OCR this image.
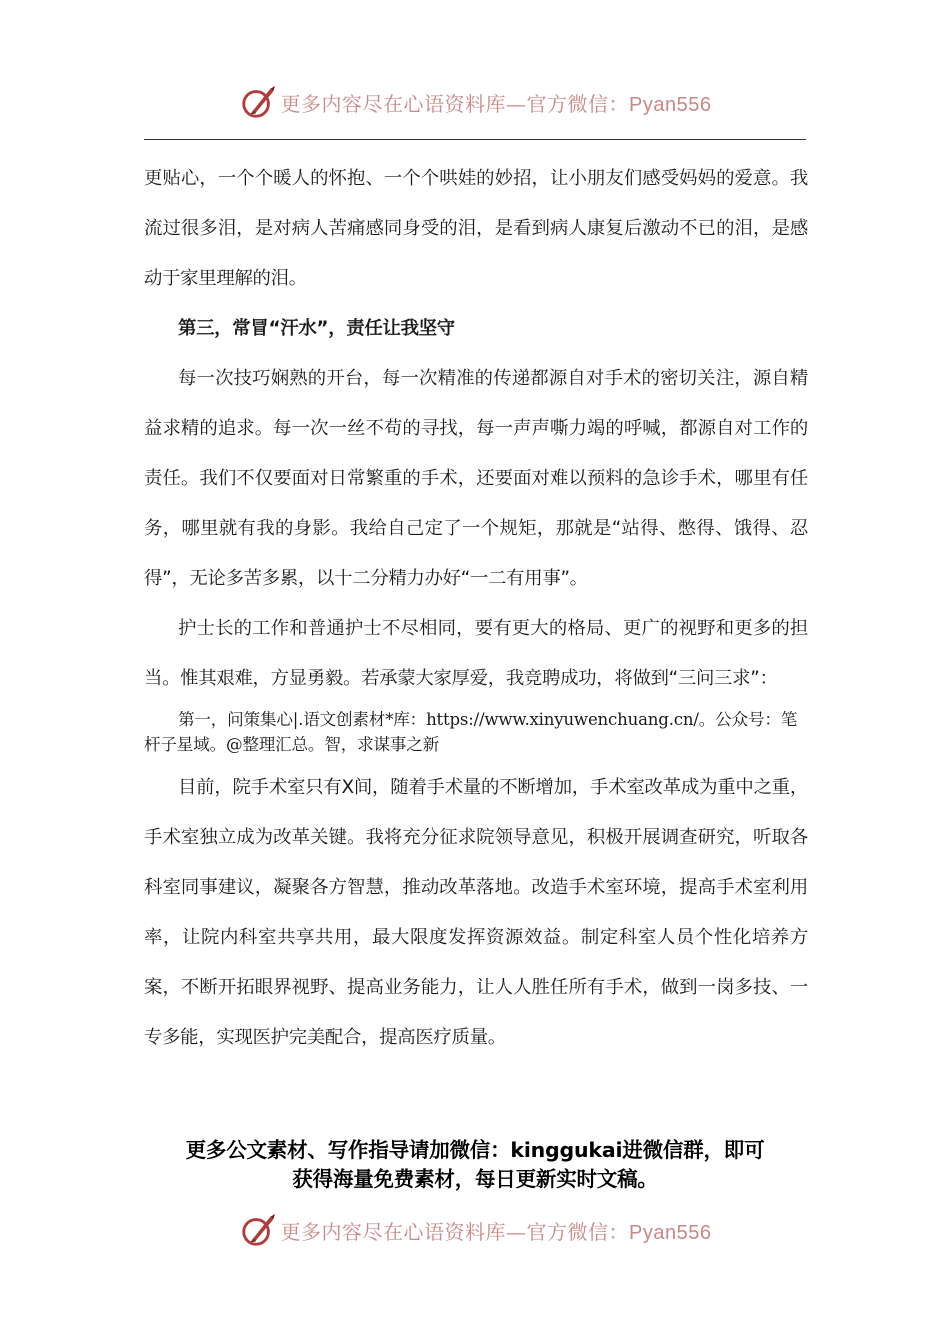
更多内容尽在心语资料库—官方微信：Pyan556

更贴心，一个个暖人的怀抱、一个个哄娃的妙招，让小朋友们感受妈妈的爱意。我流过很多泪，是对病人苦痛感同身受的泪，是看到病人康复后激动不已的泪，是感动于家里理解的泪。

第三，常冒“汗水”，责任让我坚守

每一次技巧娴熟的开台，每一次精准的传递都源自对手术的密切关注，源自精益求精的追求。每一次一丝不苟的寻找，每一声声嘶力竭的呼喊，都源自对工作的责任。我们不仅要面对日常繁重的手术，还要面对难以预料的急诊手术，哪里有任务，哪里就有我的身影。我给自己定了一个规矩，那就是“站得、憋得、饿得、忍得”，无论多苦多累，以十二分精力办好“一二有用事”。

护士长的工作和普通护士不尽相同，要有更大的格局、更广的视野和更多的担当。惟其艰难，方显勇毅。若承蒙大家厚爱，我竞聘成功，将做到“三问三求”：

第一，问策集心|.语文创素材*库：https://www.xinyuwenchuang.cn/。公众号：笔杆子星域。@整理汇总。智，求谋事之新

目前，院手术室只有X间，随着手术量的不断增加，手术室改革成为重中之重，手术室独立成为改革关键。我将充分征求院领导意见，积极开展调查研究，听取各科室同事建议，凝聚各方智慧，推动改革落地。改造手术室环境，提高手术室利用率，让院内科室共享共用，最大限度发挥资源效益。制定科室人员个性化培养方案，不断开拓眼界视野、提高业务能力，让人人胜任所有手术，做到一岗多技、一专多能，实现医护完美配合，提高医疗质量。

更多公文素材、写作指导请加微信：kinggukai进微信群，即可
获得海量免费素材，每日更新实时文稿。
更多内容尽在心语资料库—官方微信：Pyan556
